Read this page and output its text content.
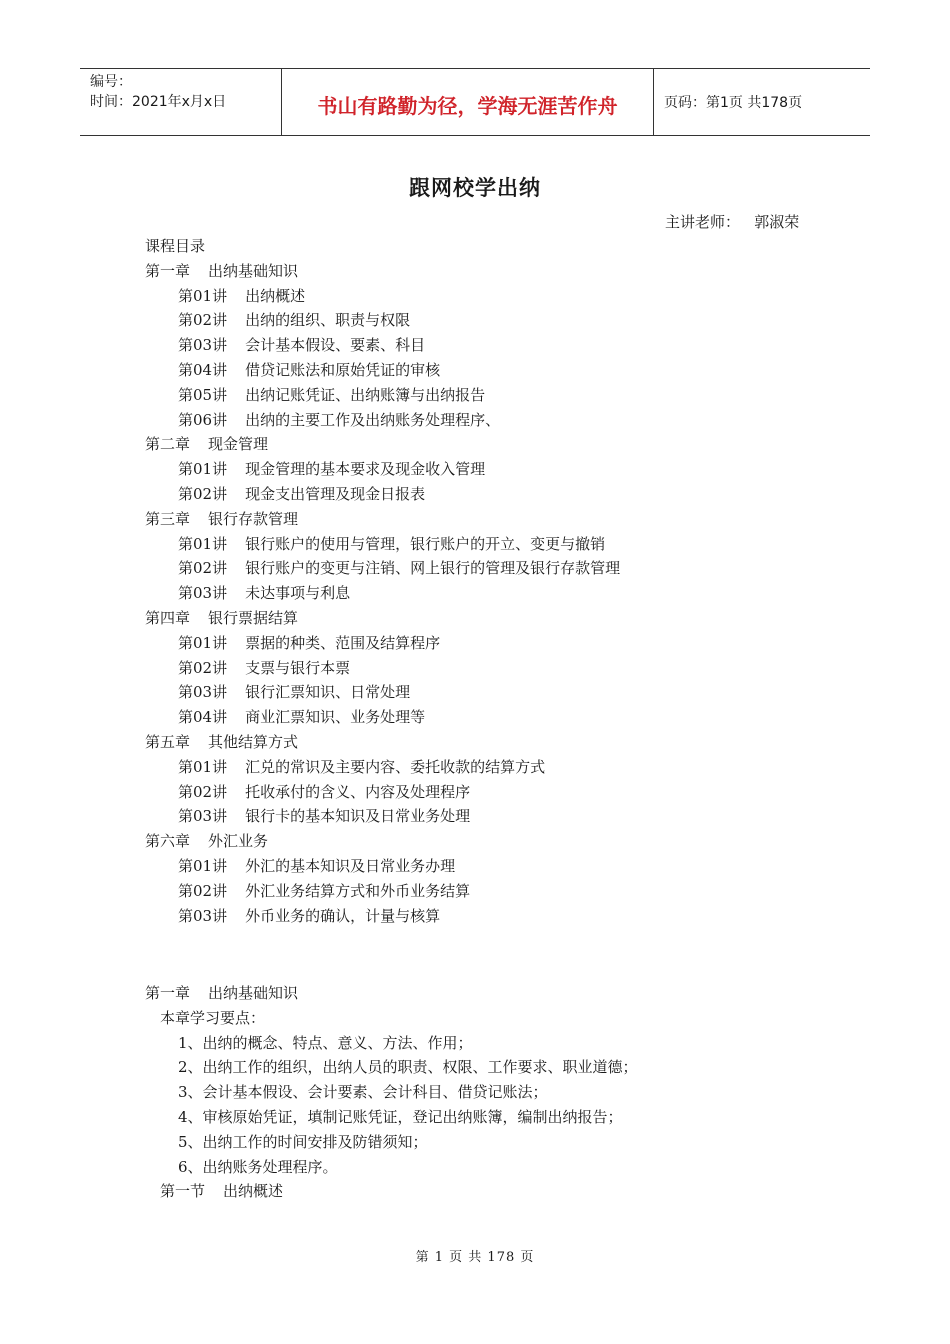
编号：
时间：2021年x月x日	书山有路勤为径，学海无涯苦作舟	页码：第1页 共178页
跟网校学出纳
主讲老师：   郭淑荣
课程目录
第一章 出纳基础知识
第01讲 出纳概述
第02讲 出纳的组织、职责与权限
第03讲 会计基本假设、要素、科目
第04讲 借贷记账法和原始凭证的审核
第05讲 出纳记账凭证、出纳账簿与出纳报告
第06讲 出纳的主要工作及出纳账务处理程序、
第二章 现金管理
第01讲 现金管理的基本要求及现金收入管理
第02讲 现金支出管理及现金日报表
第三章 银行存款管理
第01讲 银行账户的使用与管理，银行账户的开立、变更与撤销
第02讲 银行账户的变更与注销、网上银行的管理及银行存款管理
第03讲 未达事项与利息
第四章 银行票据结算
第01讲 票据的种类、范围及结算程序
第02讲 支票与银行本票
第03讲 银行汇票知识、日常处理
第04讲 商业汇票知识、业务处理等
第五章 其他结算方式
第01讲 汇兑的常识及主要内容、委托收款的结算方式
第02讲 托收承付的含义、内容及处理程序
第03讲 银行卡的基本知识及日常业务处理
第六章 外汇业务
第01讲 外汇的基本知识及日常业务办理
第02讲 外汇业务结算方式和外币业务结算
第03讲 外币业务的确认，计量与核算
第一章 出纳基础知识
本章学习要点：
1、出纳的概念、特点、意义、方法、作用；
2、出纳工作的组织，出纳人员的职责、权限、工作要求、职业道德；
3、会计基本假设、会计要素、会计科目、借贷记账法；
4、审核原始凭证，填制记账凭证，登记出纳账簿，编制出纳报告；
5、出纳工作的时间安排及防错须知；
6、出纳账务处理程序。
第一节 出纳概述
第 1 页 共 178 页
